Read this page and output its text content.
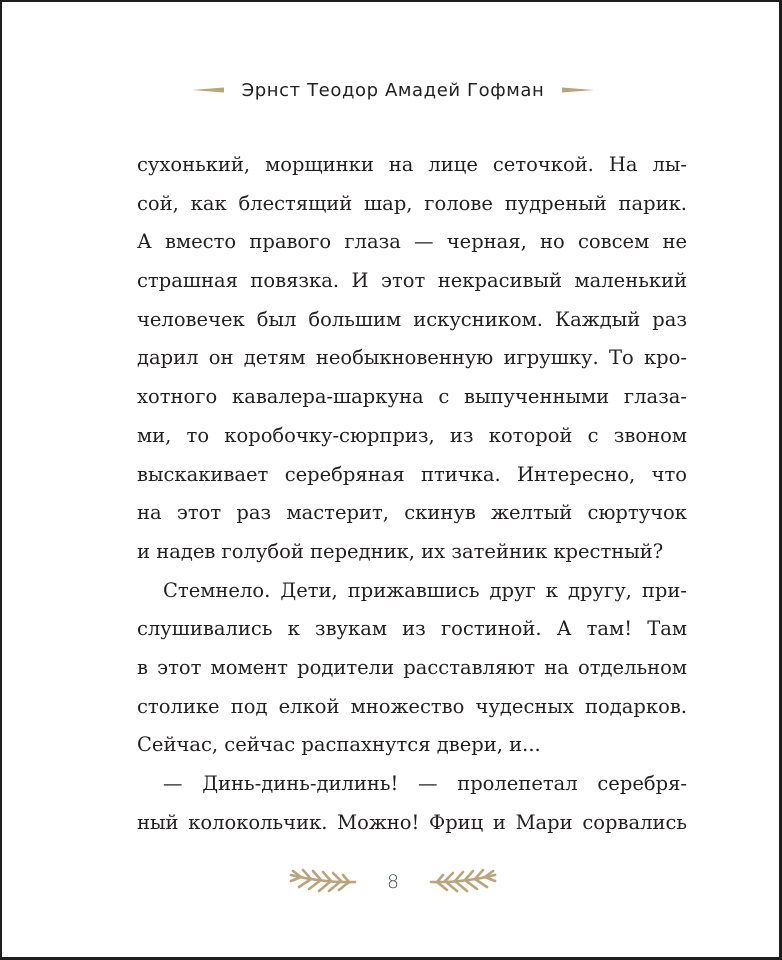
Эрнст Теодор Амадей Гофман
сухонький, морщинки на лице сеточкой. На лы-
сой, как блестящий шар, голове пудреный парик.
А вместо правого глаза — черная, но совсем не
страшная повязка. И этот некрасивый маленький
человечек был большим искусником. Каждый раз
дарил он детям необыкновенную игрушку. То кро-
хотного кавалера-шаркуна с выпученными глаза-
ми, то коробочку-сюрприз, из которой с звоном
выскакивает серебряная птичка. Интересно, что
на этот раз мастерит, скинув желтый сюртучок
и надев голубой передник, их затейник крестный?
Стемнело. Дети, прижавшись друг к другу, при-
слушивались к звукам из гостиной. А там! Там
в этот момент родители расставляют на отдельном
столике под елкой множество чудесных подарков.
Сейчас, сейчас распахнутся двери, и...
— Динь-динь-дилинь! — пролепетал серебря-
ный колокольчик. Можно! Фриц и Мари сорвались
8
